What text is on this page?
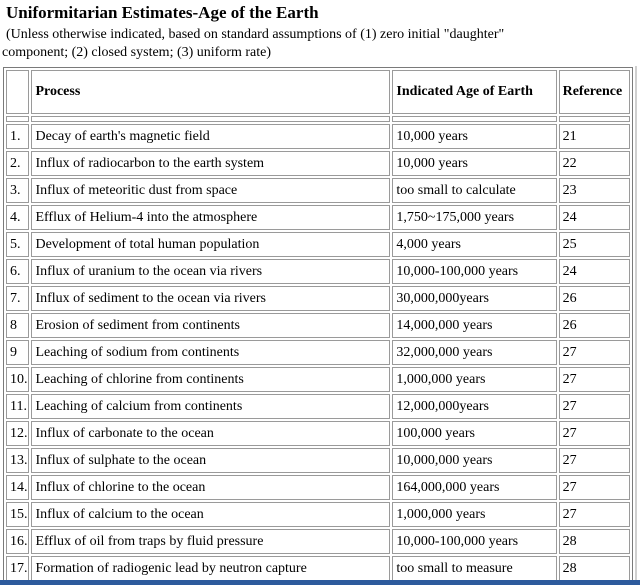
Uniformitarian Estimates-Age of the Earth
(Unless otherwise indicated, based on standard assumptions of (1) zero initial "daughter"
component; (2) closed system; (3) uniform rate)
	Process	Indicated Age of Earth	Reference

1.	Decay of earth's magnetic field	10,000 years	21
2.	Influx of radiocarbon to the earth system	10,000 years	22
3.	Influx of meteoritic dust from space	too small to calculate	23
4.	Efflux of Helium-4 into the atmosphere	1,750~175,000 years	24
5.	Development of total human population	4,000 years	25
6.	Influx of uranium to the ocean via rivers	10,000-100,000 years	24
7.	Influx of sediment to the ocean via rivers	30,000,000years	26
8	Erosion of sediment from continents	14,000,000 years	26
9	Leaching of sodium from continents	32,000,000 years	27
10.	Leaching of chlorine from continents	1,000,000 years	27
11.	Leaching of calcium from continents	12,000,000years	27
12.	Influx of carbonate to the ocean	100,000 years	27
13.	Influx of sulphate to the ocean	10,000,000 years	27
14.	Influx of chlorine to the ocean	164,000,000 years	27
15.	Influx of calcium to the ocean	1,000,000 years	27
16.	Efflux of oil from traps by fluid pressure	10,000-100,000 years	28
17.	Formation of radiogenic lead by neutron capture	too small to measure	28
